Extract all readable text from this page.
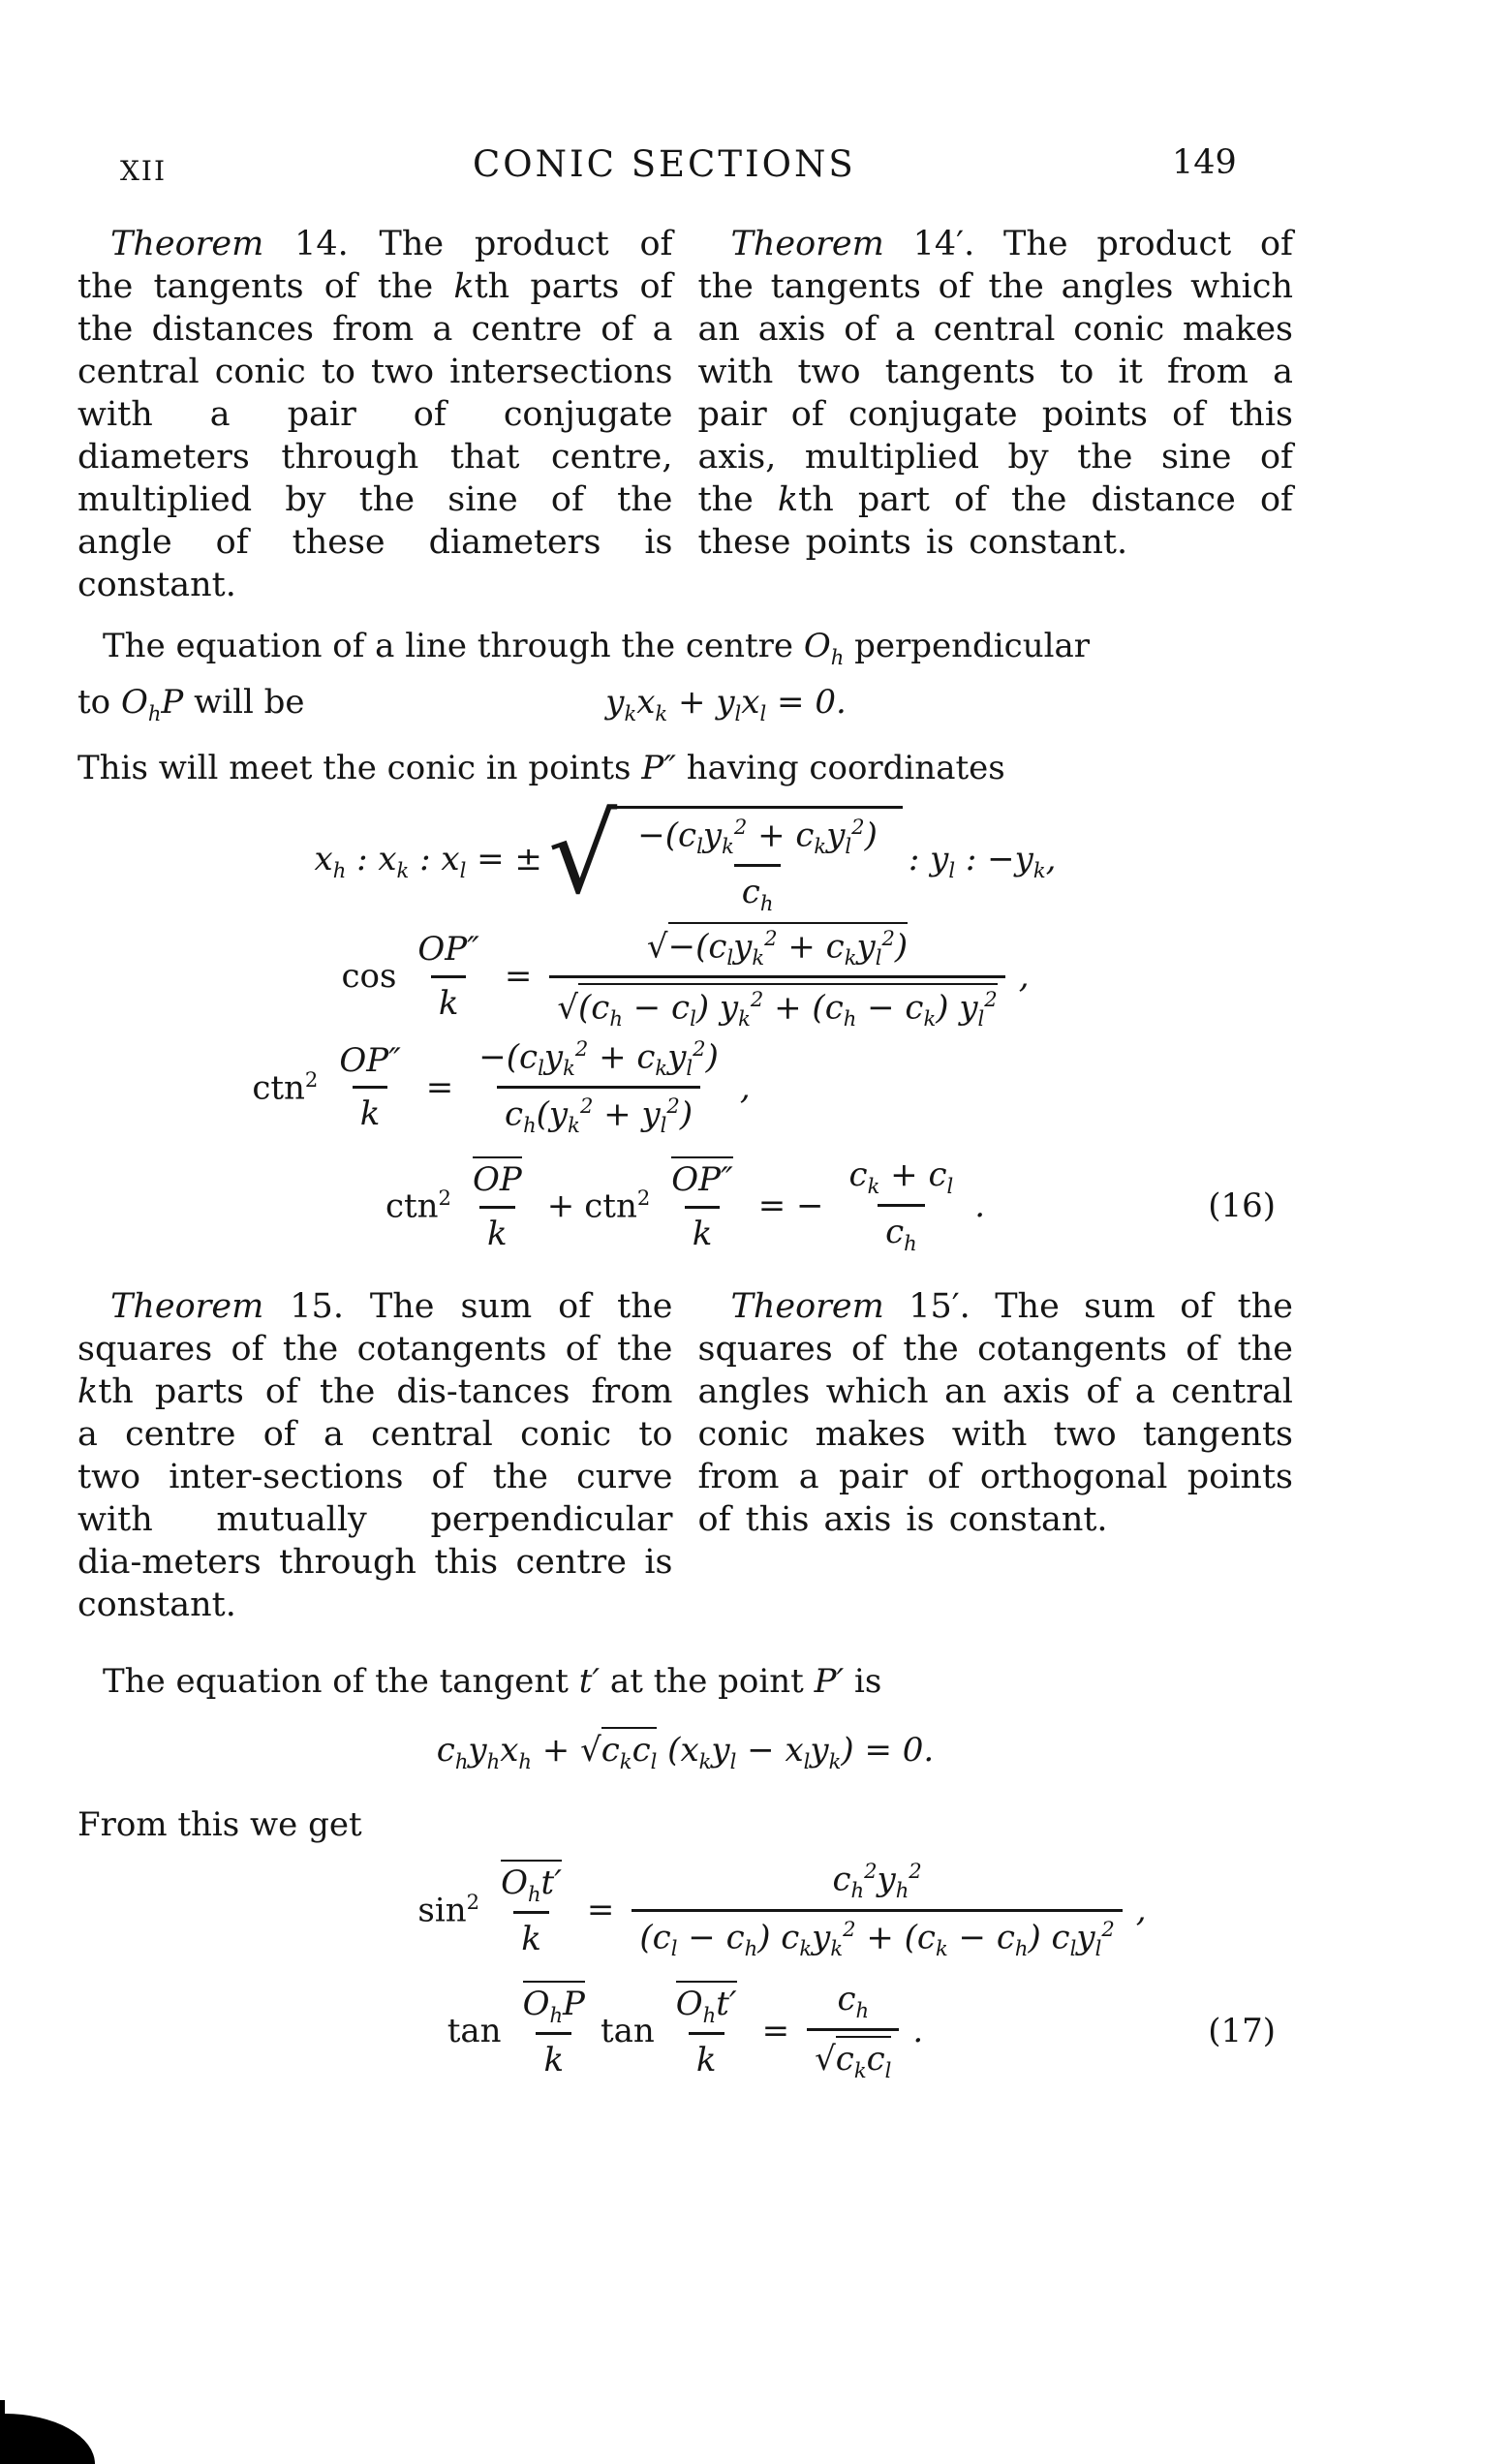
XII	CONIC SECTIONS	149

Theorem 14. The product of the tangents of the kth parts of the distances from a centre of a central conic to two intersections with a pair of conjugate diameters through that centre, multiplied by the sine of the angle of these diameters is constant.

Theorem 14′. The product of the tangents of the angles which an axis of a central conic makes with two tangents to it from a pair of conjugate points of this axis, multiplied by the sine of the kth part of the distance of these points is constant.

The equation of a line through the centre $O_h$ perpendicular

to $O_hP$ will be	$y_kx_k + y_lx_l = 0$.

This will meet the conic in points P″ having coordinates

$x_h$ : $x_k$ : $x_l$ = ± √ $\frac{-(c_ly_k^2 + c_ky_l^2)}{c_h}$ : $y_l$ : $-y_k$,
$\cos \frac{OP''}{k} = \frac{√-(c_ly_k^2 + c_ky_l^2)}{√(c_h - c_l) y_k^2 + (c_h - c_k) y_l^2}$ ,
$ctn^2 \frac{OP''}{k} = \frac{-(c_ly_k^2 + c_ky_l^2)}{c_h(y_k^2 + y_l^2)}$ ,
$ctn^2 \frac{OP}{k} + ctn^2 \frac{OP''}{k}$ = − $\frac{c_k + c_l}{c_h}$ .	(16)

Theorem 15. The sum of the squares of the cotangents of the kth parts of the dis‑tances from a centre of a central conic to two inter‑sections of the curve with mutually perpendicular dia‑meters through this centre is constant.

Theorem 15′. The sum of the squares of the cotangents of the angles which an axis of a central conic makes with two tangents from a pair of orthogonal points of this axis is constant.

The equation of the tangent t′ at the point P′ is

$c_hy_hx_h + √c_kc_l$ $(x_ky_l - x_ly_k) = 0$.

From this we get

$\sin^2 \frac{O_ht'}{k} = \frac{c_h^2y_h^2}{(c_l - c_h) c_ky_k^2 + (c_k - c_h) c_ly_l^2}$ ,
$\tan \frac{O_hP}{k}$ $\tan \frac{O_ht'}{k} = \frac{c_h}{√c_kc_l}$ .	(17)
